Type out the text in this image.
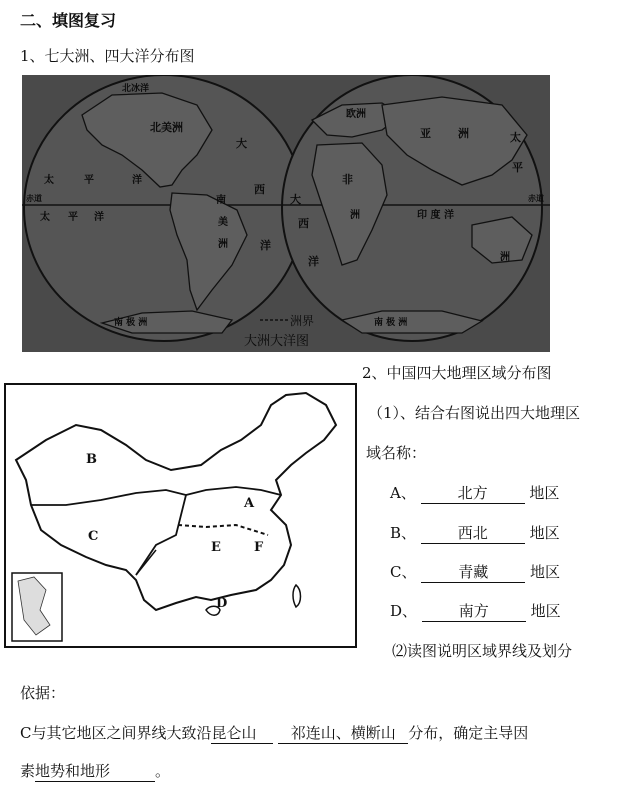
二、填图复习
1、七大洲、四大洋分布图
北冰洋
北美洲
太	平	洋
赤道
太 平 洋
大
西
洋
南
美
洲
南 极 洲
欧洲
亚 洲
非
洲
大
西
洋
印 度 洋
太
平
洲
赤道
南 极 洲
洲界
大洲大洋图
2、中国四大地理区域分布图
（1）、结合右图说出四大地理区
域名称：
A、	北方	地区
B、	西北	地区
C、	青藏	地区
D、	南方	地区
⑵读图说明区域界线及划分
B
C
A
E	F
D
依据：
C与其它地区之间界线大致沿昆仑山 祁连山、横断山 分布，确定主导因
素地势和地形	。
